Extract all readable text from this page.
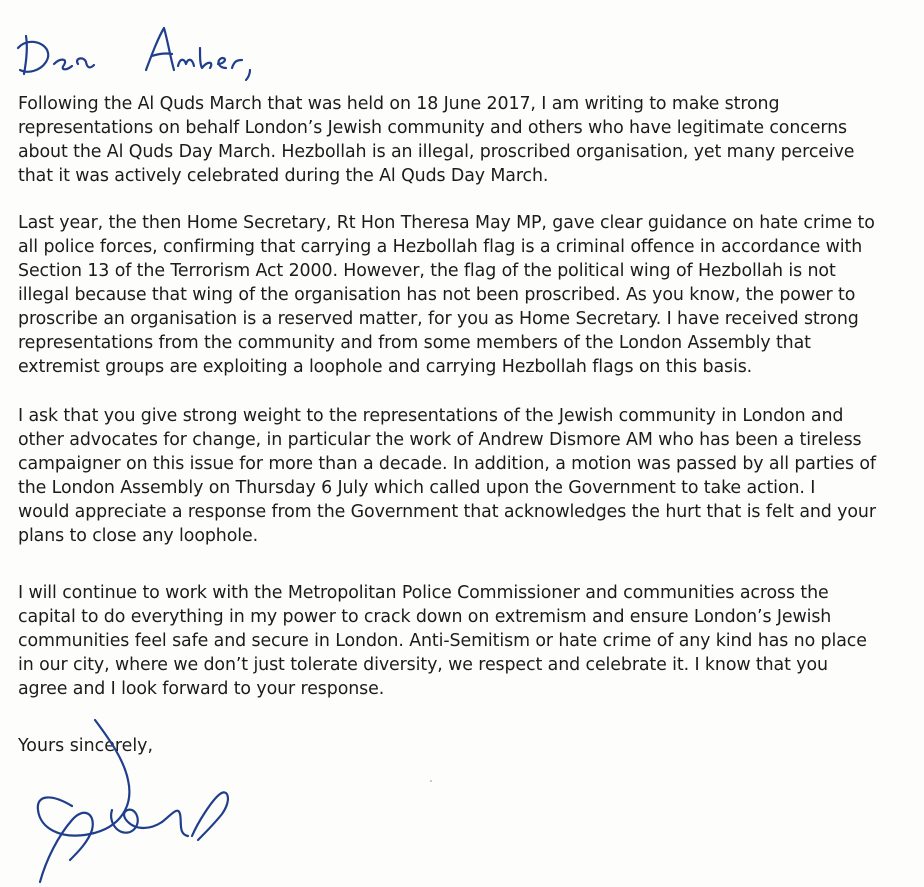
Following the Al Quds March that was held on 18 June 2017, I am writing to make strong
representations on behalf London’s Jewish community and others who have legitimate concerns
about the Al Quds Day March. Hezbollah is an illegal, proscribed organisation, yet many perceive
that it was actively celebrated during the Al Quds Day March.

Last year, the then Home Secretary, Rt Hon Theresa May MP, gave clear guidance on hate crime to
all police forces, confirming that carrying a Hezbollah flag is a criminal offence in accordance with
Section 13 of the Terrorism Act 2000. However, the flag of the political wing of Hezbollah is not
illegal because that wing of the organisation has not been proscribed. As you know, the power to
proscribe an organisation is a reserved matter, for you as Home Secretary. I have received strong
representations from the community and from some members of the London Assembly that
extremist groups are exploiting a loophole and carrying Hezbollah flags on this basis.

I ask that you give strong weight to the representations of the Jewish community in London and
other advocates for change, in particular the work of Andrew Dismore AM who has been a tireless
campaigner on this issue for more than a decade. In addition, a motion was passed by all parties of
the London Assembly on Thursday 6 July which called upon the Government to take action. I
would appreciate a response from the Government that acknowledges the hurt that is felt and your
plans to close any loophole.

I will continue to work with the Metropolitan Police Commissioner and communities across the
capital to do everything in my power to crack down on extremism and ensure London’s Jewish
communities feel safe and secure in London. Anti-Semitism or hate crime of any kind has no place
in our city, where we don’t just tolerate diversity, we respect and celebrate it. I know that you
agree and I look forward to your response.

Yours sincerely,
